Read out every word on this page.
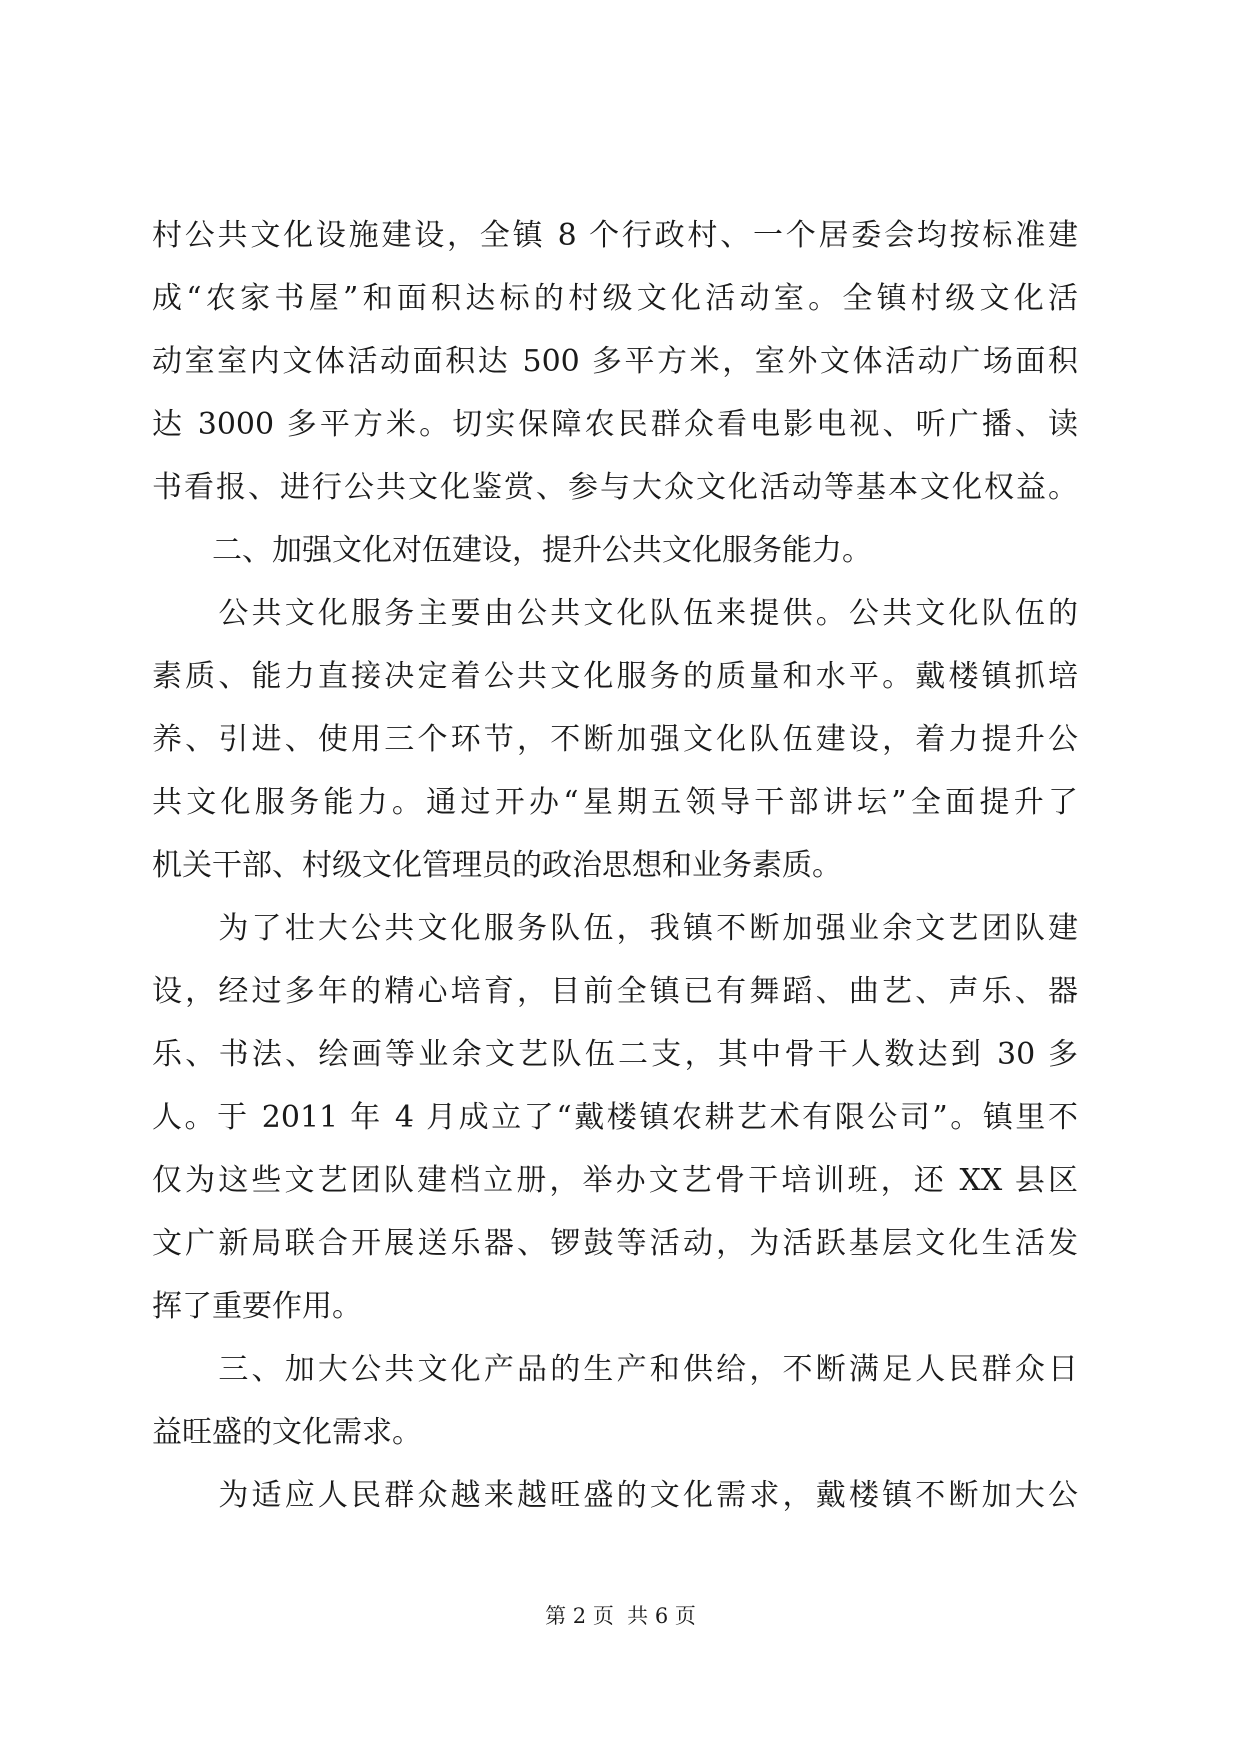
村公共文化设施建设，全镇 8 个行政村、一个居委会均按标准建
成“农家书屋”和面积达标的村级文化活动室。全镇村级文化活
动室室内文体活动面积达 500 多平方米，室外文体活动广场面积
达 3000 多平方米。切实保障农民群众看电影电视、听广播、读
书看报、进行公共文化鉴赏、参与大众文化活动等基本文化权益。
　　二、加强文化对伍建设，提升公共文化服务能力。
　　公共文化服务主要由公共文化队伍来提供。公共文化队伍的
素质、能力直接决定着公共文化服务的质量和水平。戴楼镇抓培
养、引进、使用三个环节，不断加强文化队伍建设，着力提升公
共文化服务能力。通过开办“星期五领导干部讲坛”全面提升了
机关干部、村级文化管理员的政治思想和业务素质。
　　为了壮大公共文化服务队伍，我镇不断加强业余文艺团队建
设，经过多年的精心培育，目前全镇已有舞蹈、曲艺、声乐、器
乐、书法、绘画等业余文艺队伍二支，其中骨干人数达到 30 多
人。于 2011 年 4 月成立了“戴楼镇农耕艺术有限公司”。镇里不
仅为这些文艺团队建档立册，举办文艺骨干培训班，还 XX 县区
文广新局联合开展送乐器、锣鼓等活动，为活跃基层文化生活发
挥了重要作用。
　　三、加大公共文化产品的生产和供给，不断满足人民群众日
益旺盛的文化需求。
　　为适应人民群众越来越旺盛的文化需求，戴楼镇不断加大公
第 2 页  共 6 页
